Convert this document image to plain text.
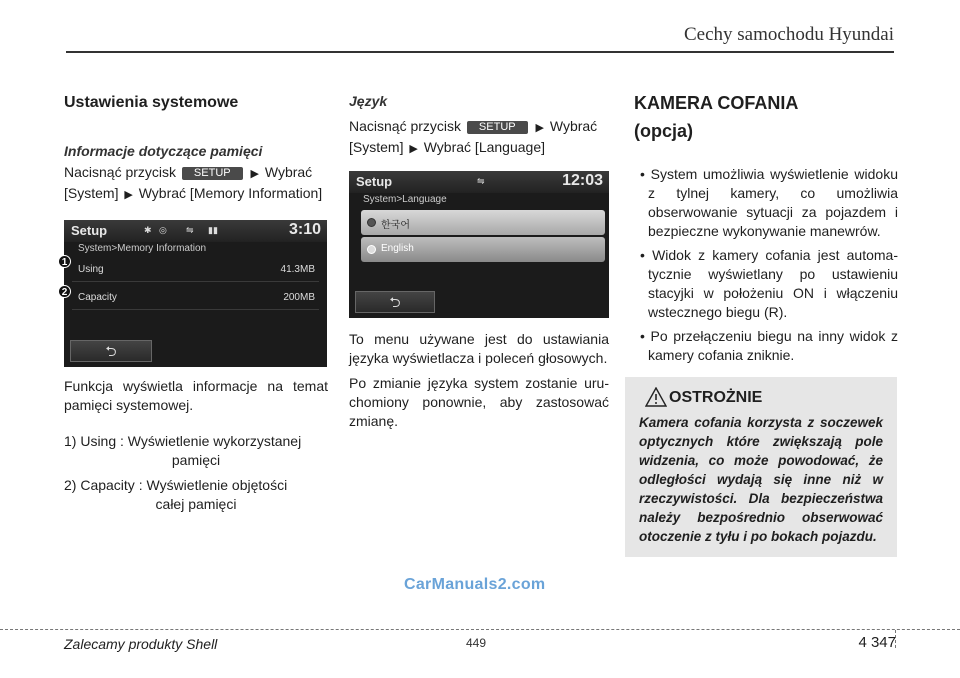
Cechy samochodu Hyundai
Ustawienia systemowe
Informacje dotyczące pamięci

Nacisnąć przycisk SETUP ▶ Wybrać
[System] ▶ Wybrać [Memory Information]

Setup	✱ ◎ ⇋ ▮▮	3:10
System>Memory Information
Using	41.3MB
Capacity	200MB
⮌

Funkcja wyświetla informacje na temat pamięci systemowej.

1) Using : Wyświetlenie wykorzystanej
pamięci

2) Capacity : Wyświetlenie objętości
całej pamięci

1
2
Język

Nacisnąć przycisk SETUP ▶ Wybrać
[System] ▶ Wybrać [Language]

Setup	⇋	12:03
System>Language
한국어
English
⮌

To menu używane jest do ustawiania języka wyświetlacza i poleceń głosowych.

Po zmianie języka system zostanie uruchomiony ponownie, aby zastosować zmianę.

KAMERA COFANIA
(opcja)
• System umożliwia wyświetlenie widoku z tylnej kamery, co umożliwia obserwowanie sytuacji za pojazdem i bezpieczne wykonywanie manewrów.
• Widok z kamery cofania jest automatycznie wyświetlany po ustawieniu stacyjki w położeniu ON i włączeniu wstecznego biegu (R).
• Po przełączeniu biegu na inny widok z kamery cofania zniknie.
OSTROŻNIE
Kamera cofania korzysta z soczewek optycznych które zwiększają pole widzenia, co może powodować, że odległości wydają się inne niż w rzeczywistości. Dla bezpieczeństwa należy bezpośrednio obserwować otoczenie z tyłu i po bokach pojazdu.
CarManuals2.com
Zalecamy produkty Shell	449	4 347
